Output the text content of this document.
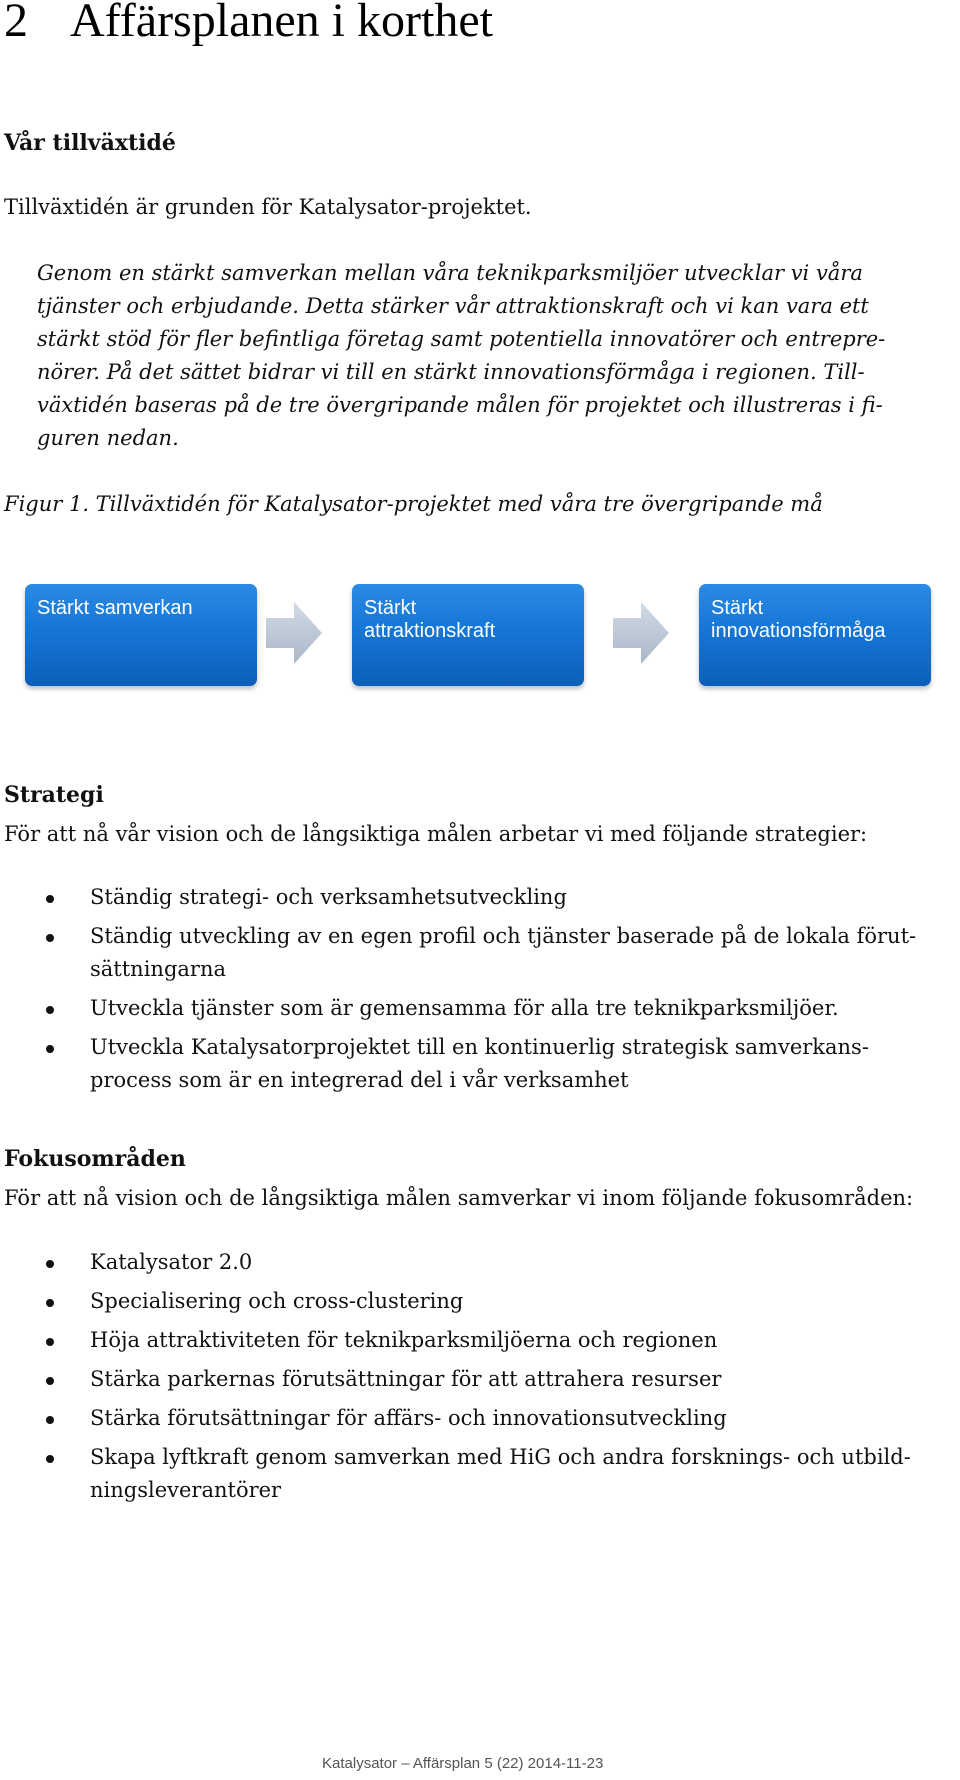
2 Affärsplanen i korthet
Vår tillväxtidé

Tillväxtidén är grunden för Katalysator-projektet.

Genom en stärkt samverkan mellan våra teknikparksmiljöer utvecklar vi våra
tjänster och erbjudande. Detta stärker vår attraktionskraft och vi kan vara ett
stärkt stöd för fler befintliga företag samt potentiella innovatörer och entrepre-
nörer. På det sättet bidrar vi till en stärkt innovationsförmåga i regionen. Till-
växtidén baseras på de tre övergripande målen för projektet och illustreras i fi-
guren nedan.

Figur 1. Tillväxtidén för Katalysator-projektet med våra tre övergripande må

Stärkt samverkan	Stärkt
attraktionskraft
Stärkt
innovationsförmåga
Strategi

För att nå vår vision och de långsiktiga målen arbetar vi med följande strategier:

Ständig strategi- och verksamhetsutveckling
Ständig utveckling av en egen profil och tjänster baserade på de lokala förut-
sättningarna
Utveckla tjänster som är gemensamma för alla tre teknikparksmiljöer.
Utveckla Katalysatorprojektet till en kontinuerlig strategisk samverkans-
process som är en integrerad del i vår verksamhet
Fokusområden

För att nå vision och de långsiktiga målen samverkar vi inom följande fokusområden:

Katalysator 2.0
Specialisering och cross-clustering
Höja attraktiviteten för teknikparksmiljöerna och regionen
Stärka parkernas förutsättningar för att attrahera resurser
Stärka förutsättningar för affärs- och innovationsutveckling
Skapa lyftkraft genom samverkan med HiG och andra forsknings- och utbild-
ningsleverantörer
Katalysator – Affärsplan 5 (22) 2014-11-23
